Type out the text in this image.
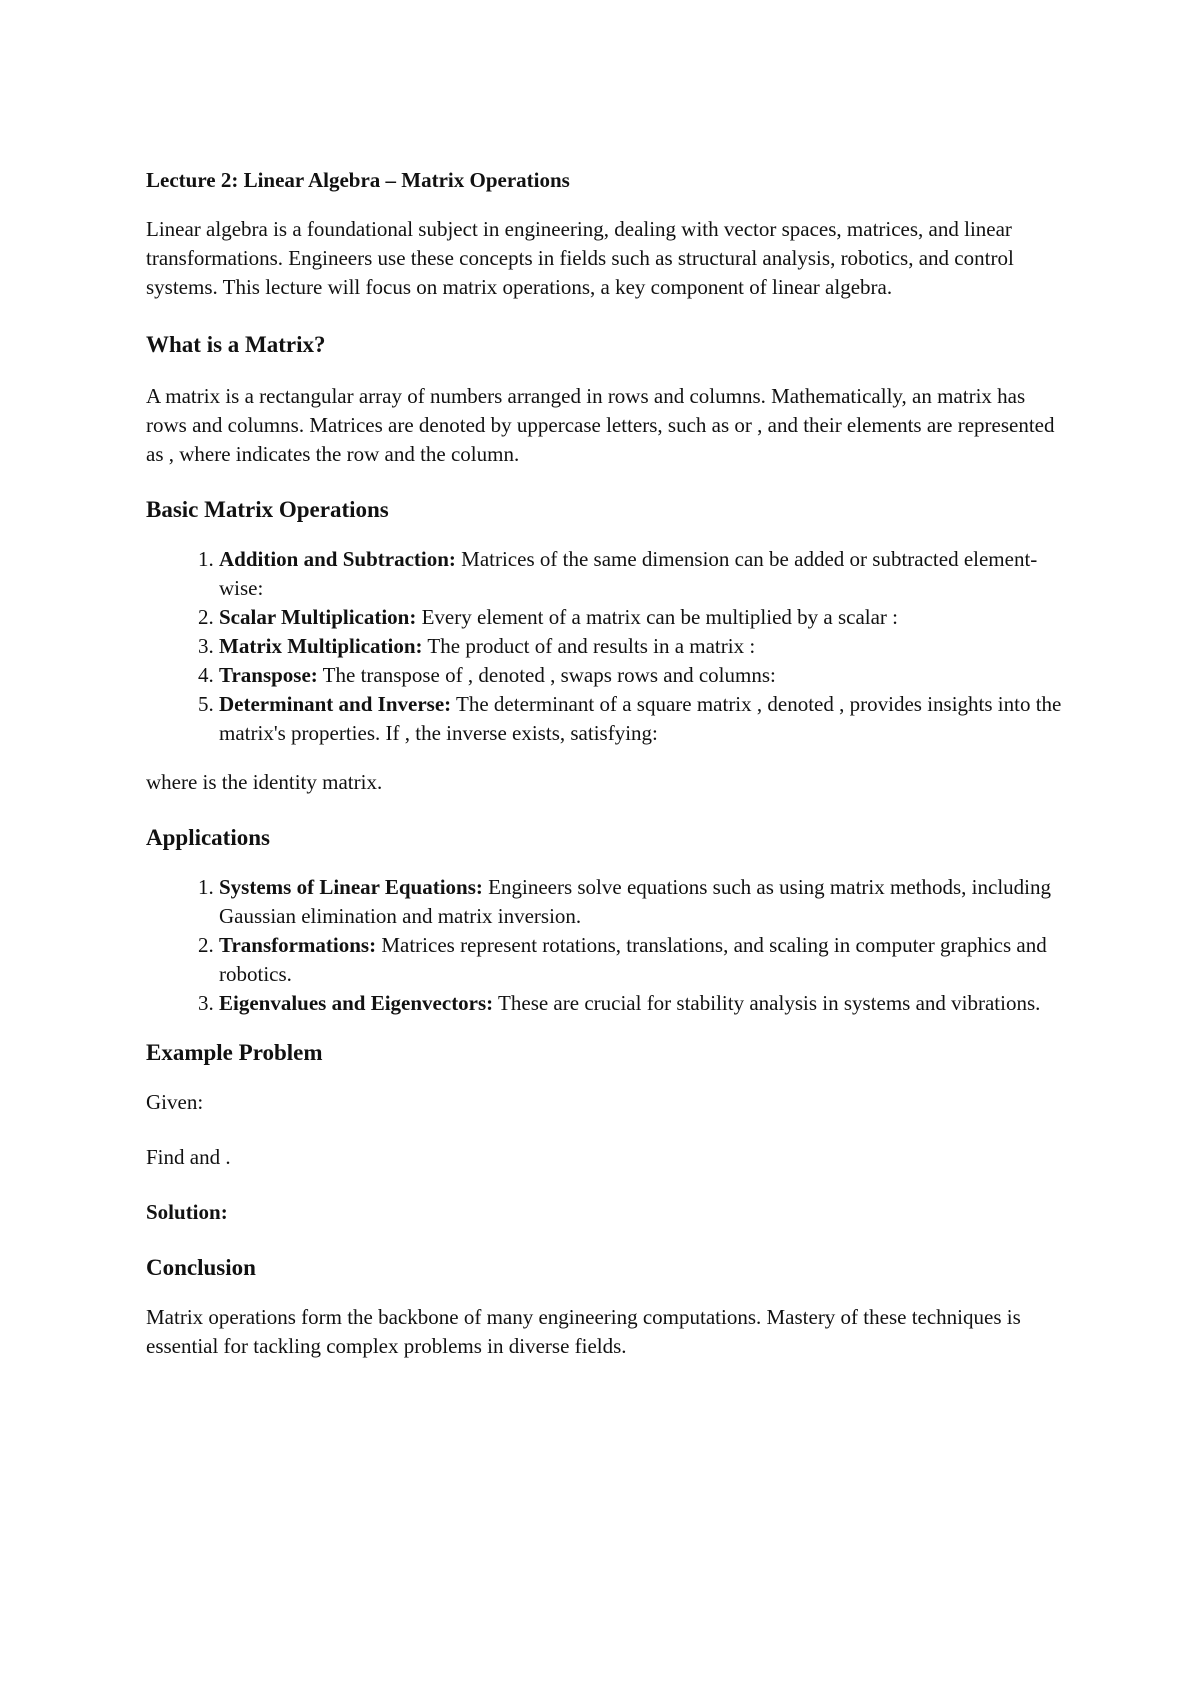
Lecture 2: Linear Algebra – Matrix Operations

Linear algebra is a foundational subject in engineering, dealing with vector spaces, matrices, and linear transformations. Engineers use these concepts in fields such as structural analysis, robotics, and control systems. This lecture will focus on matrix operations, a key component of linear algebra.

What is a Matrix?

A matrix is a rectangular array of numbers arranged in rows and columns. Mathematically, an matrix has rows and columns. Matrices are denoted by uppercase letters, such as or , and their elements are represented as , where indicates the row and the column.

Basic Matrix Operations
1. Addition and Subtraction: Matrices of the same dimension can be added or subtracted element-wise:
2. Scalar Multiplication: Every element of a matrix can be multiplied by a scalar :
3. Matrix Multiplication: The product of and results in a matrix :
4. Transpose: The transpose of , denoted , swaps rows and columns:
5. Determinant and Inverse: The determinant of a square matrix , denoted , provides insights into the matrix's properties. If , the inverse exists, satisfying:

where is the identity matrix.

Applications
1. Systems of Linear Equations: Engineers solve equations such as using matrix methods, including Gaussian elimination and matrix inversion.
2. Transformations: Matrices represent rotations, translations, and scaling in computer graphics and robotics.
3. Eigenvalues and Eigenvectors: These are crucial for stability analysis in systems and vibrations.
Example Problem

Given:

Find and .

Solution:

Conclusion

Matrix operations form the backbone of many engineering computations. Mastery of these techniques is essential for tackling complex problems in diverse fields.
